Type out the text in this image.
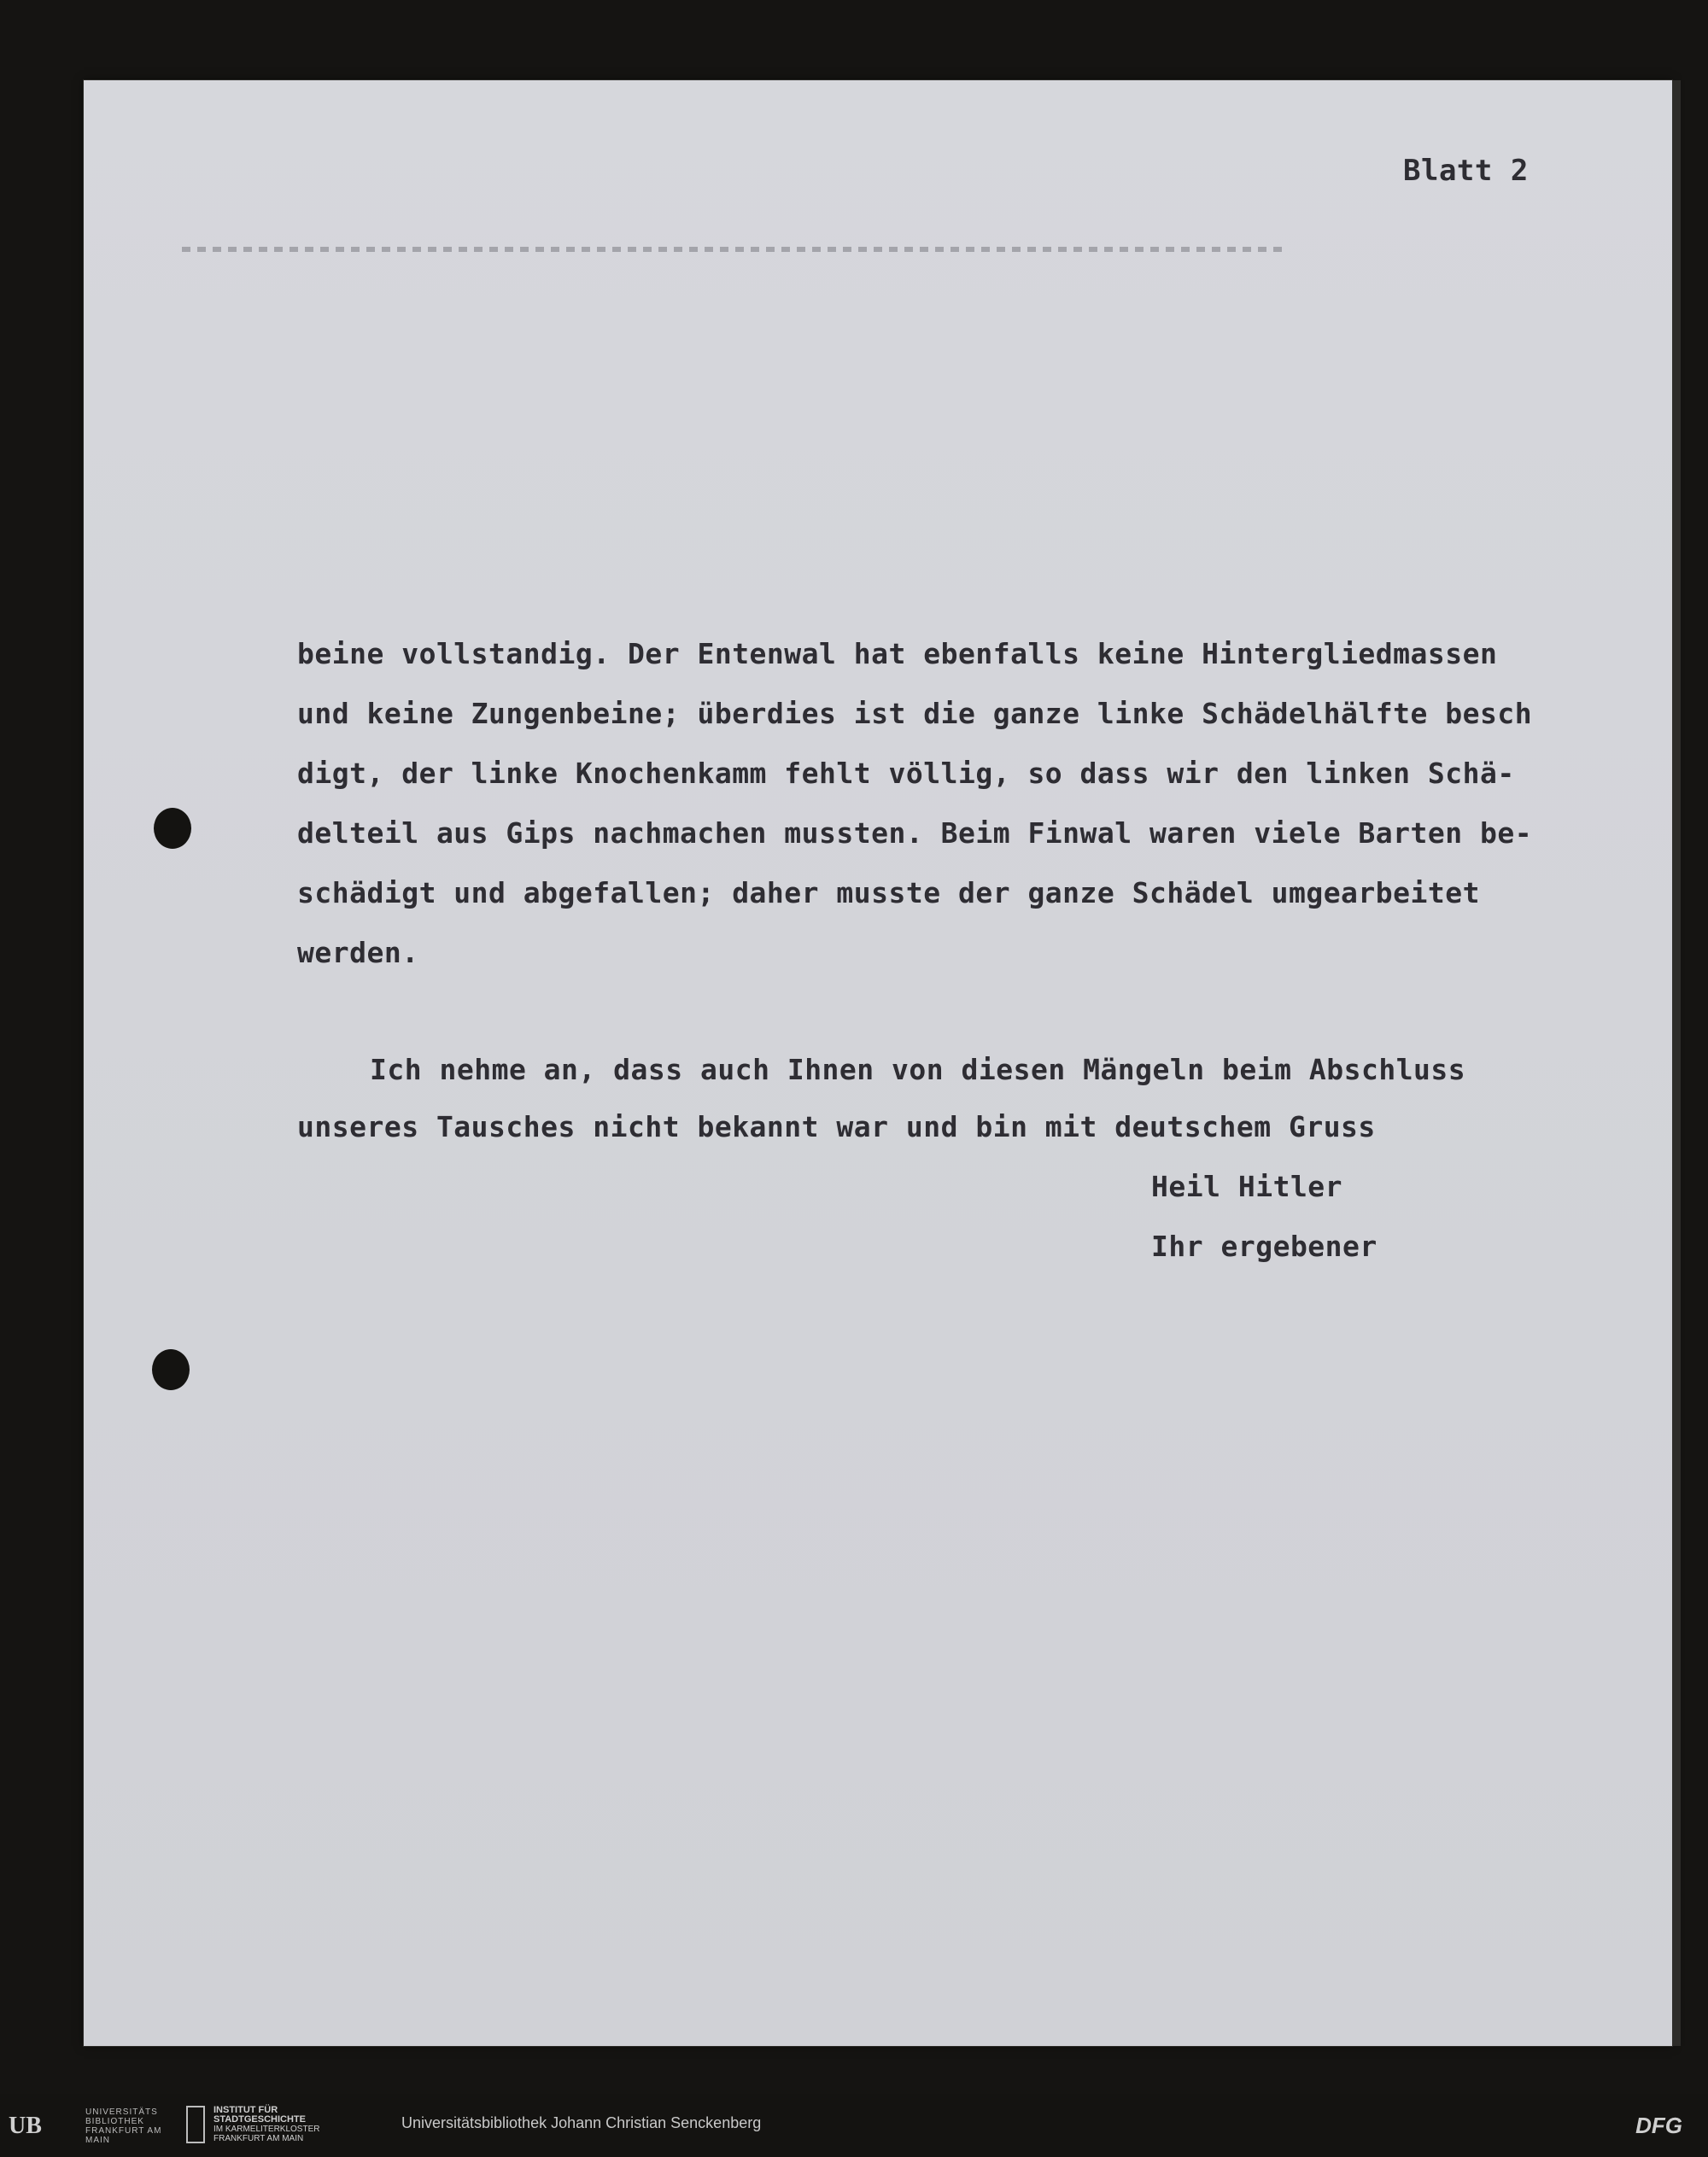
Blatt 2
beine vollstandig. Der Entenwal hat ebenfalls keine Hintergliedmassen
und keine Zungenbeine; überdies ist die ganze linke Schädelhälfte besch
digt, der linke Knochenkamm fehlt völlig, so dass wir den linken Schä-
delteil aus Gips nachmachen mussten. Beim Finwal waren viele Barten be-
schädigt und abgefallen; daher musste der ganze Schädel umgearbeitet
werden.
Ich nehme an, dass auch Ihnen von diesen Mängeln beim Abschluss
unseres Tausches nicht bekannt war und bin mit deutschem Gruss
Heil Hitler
Ihr ergebener
UB
UNIVERSITÄTS BIBLIOTHEK FRANKFURT AM MAIN
INSTITUT FÜR STADTGESCHICHTE
IM KARMELITERKLOSTER FRANKFURT AM MAIN
Universitätsbibliothek Johann Christian Senckenberg	DFG
